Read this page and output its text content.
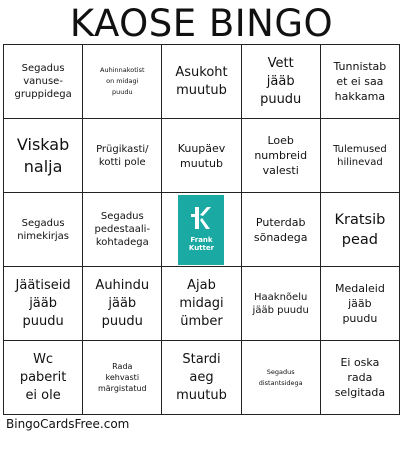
KAOSE BINGO
Segadus
vanuse-
gruppidega
Auhinnakotist
on midagi
puudu
Asukoht
muutub
Vett
jääb
puudu
Tunnistab
et ei saa
hakkama
Viskab
nalja
Prügikasti/
kotti pole
Kuupäev
muutub
Loeb
numbreid
valesti
Tulemused
hilinevad
Segadus
nimekirjas
Segadus
pedestaali-
kohtadega	Frank
Kutter
Puterdab
sõnadega
Kratsib
pead
Jäätiseid
jääb
puudu
Auhindu
jääb
puudu
Ajab
midagi
ümber
Haaknõelu
jääb puudu
Medaleid
jääb
puudu
Wc
paberit
ei ole
Rada
kehvasti
märgistatud
Stardi
aeg
muutub
Segadus
distantsidega
Ei oska
rada
selgitada
BingoCardsFree.com
